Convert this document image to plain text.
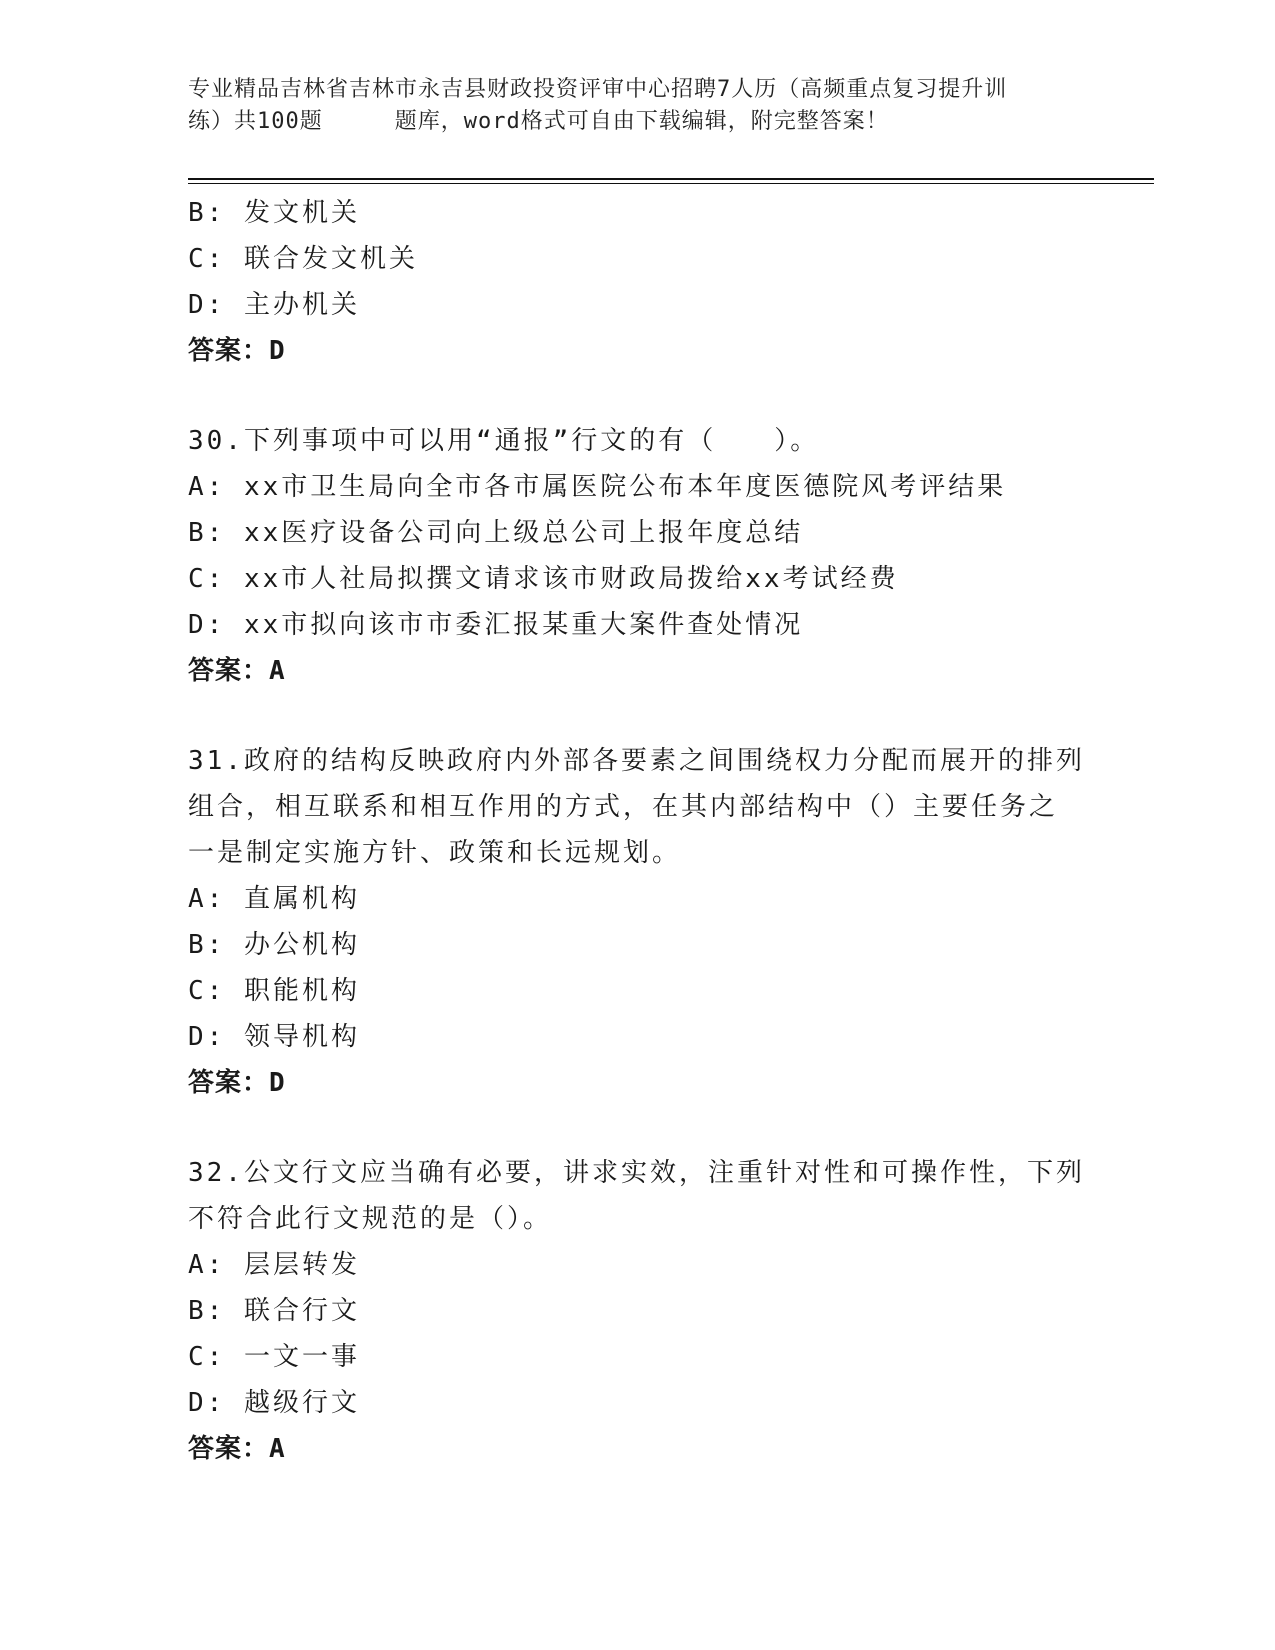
专业精品吉林省吉林市永吉县财政投资评审中心招聘7人历（高频重点复习提升训
练）共100题	题库，word格式可自由下载编辑，附完整答案！
B: 发文机关
C: 联合发文机关
D: 主办机关
答案：D
30.下列事项中可以用“通报”行文的有（　　）。
A: xx市卫生局向全市各市属医院公布本年度医德院风考评结果
B: xx医疗设备公司向上级总公司上报年度总结
C: xx市人社局拟撰文请求该市财政局拨给xx考试经费
D: xx市拟向该市市委汇报某重大案件查处情况
答案：A
31.政府的结构反映政府内外部各要素之间围绕权力分配而展开的排列
组合，相互联系和相互作用的方式，在其内部结构中（）主要任务之
一是制定实施方针、政策和长远规划。
A: 直属机构
B: 办公机构
C: 职能机构
D: 领导机构
答案：D
32.公文行文应当确有必要，讲求实效，注重针对性和可操作性，下列
不符合此行文规范的是（）。
A: 层层转发
B: 联合行文
C: 一文一事
D: 越级行文
答案：A
